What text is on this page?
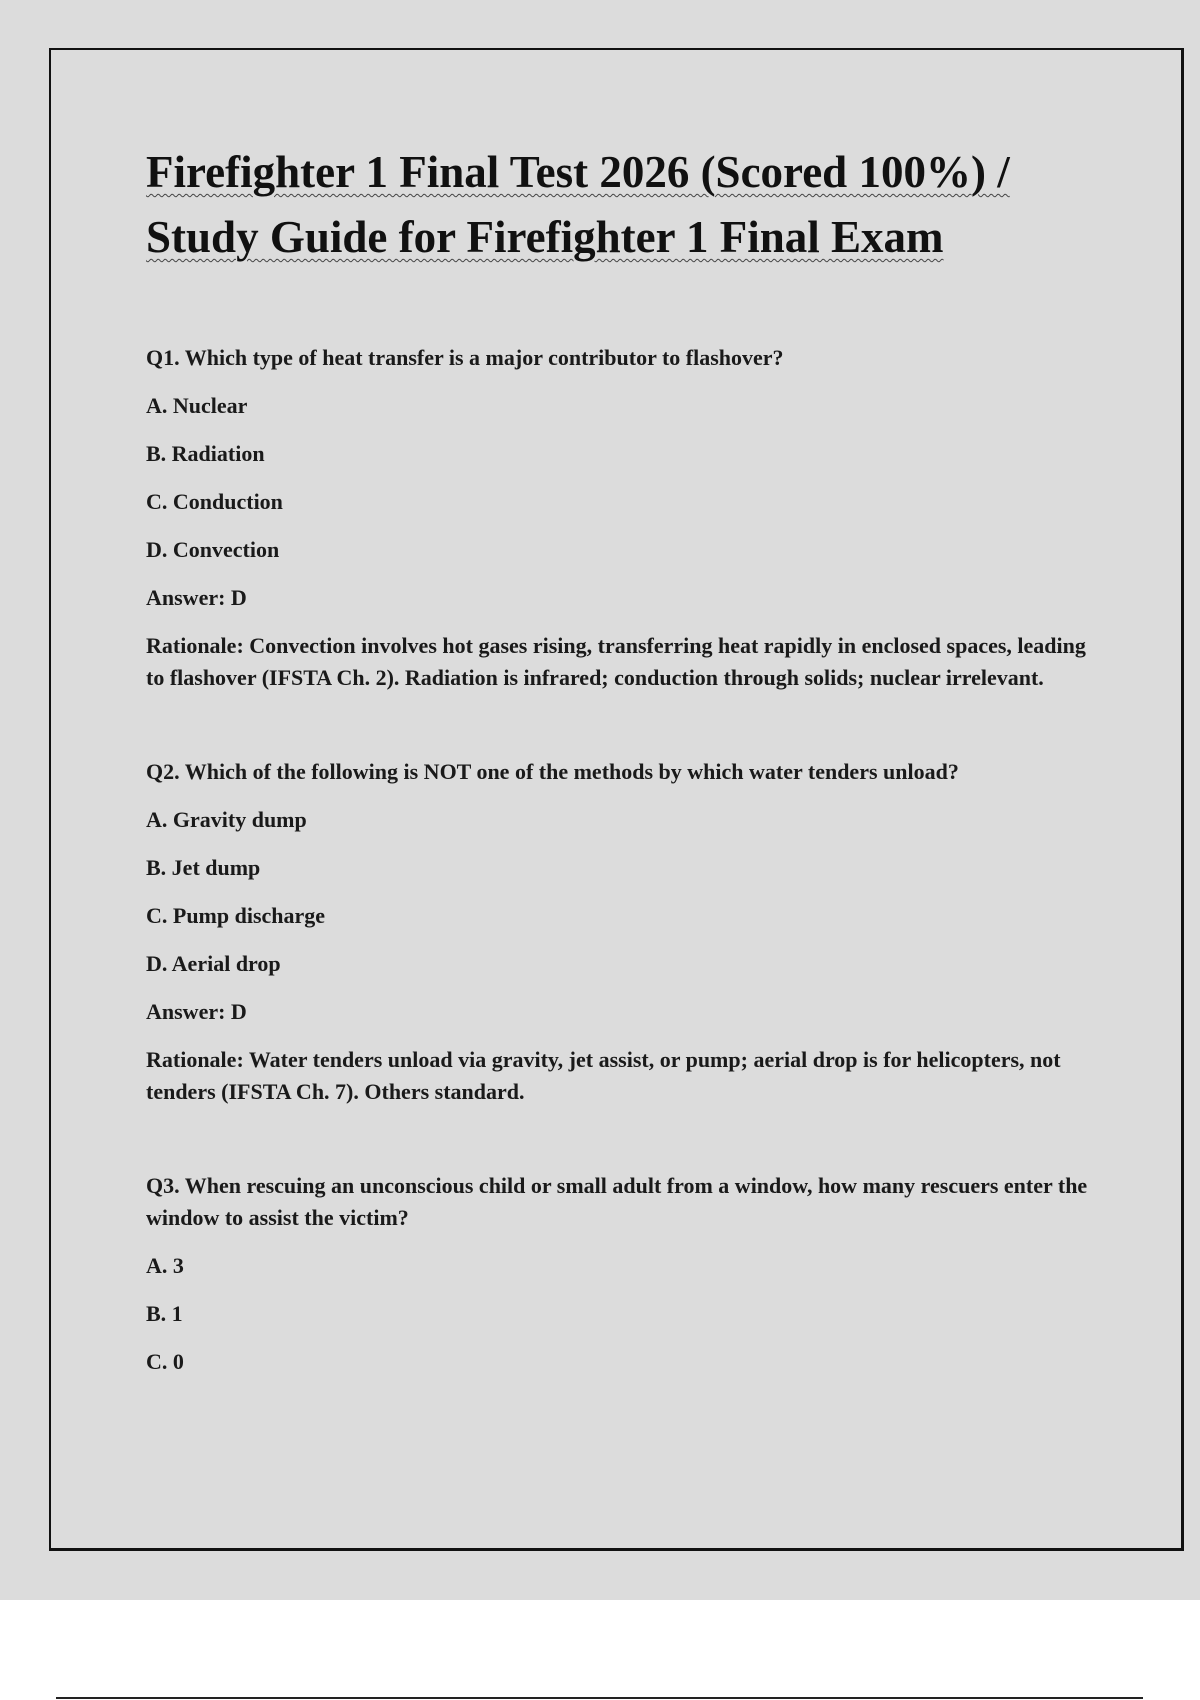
Firefighter 1 Final Test 2026 (Scored 100%) /
Study Guide for Firefighter 1 Final Exam

Q1. Which type of heat transfer is a major contributor to flashover?

A. Nuclear

B. Radiation

C. Conduction

D. Convection

Answer: D

Rationale: Convection involves hot gases rising, transferring heat rapidly in enclosed spaces, leading to flashover (IFSTA Ch. 2). Radiation is infrared; conduction through solids; nuclear irrelevant.

Q2. Which of the following is NOT one of the methods by which water tenders unload?

A. Gravity dump

B. Jet dump

C. Pump discharge

D. Aerial drop

Answer: D

Rationale: Water tenders unload via gravity, jet assist, or pump; aerial drop is for helicopters, not tenders (IFSTA Ch. 7). Others standard.

Q3. When rescuing an unconscious child or small adult from a window, how many rescuers enter the window to assist the victim?

A. 3

B. 1

C. 0
